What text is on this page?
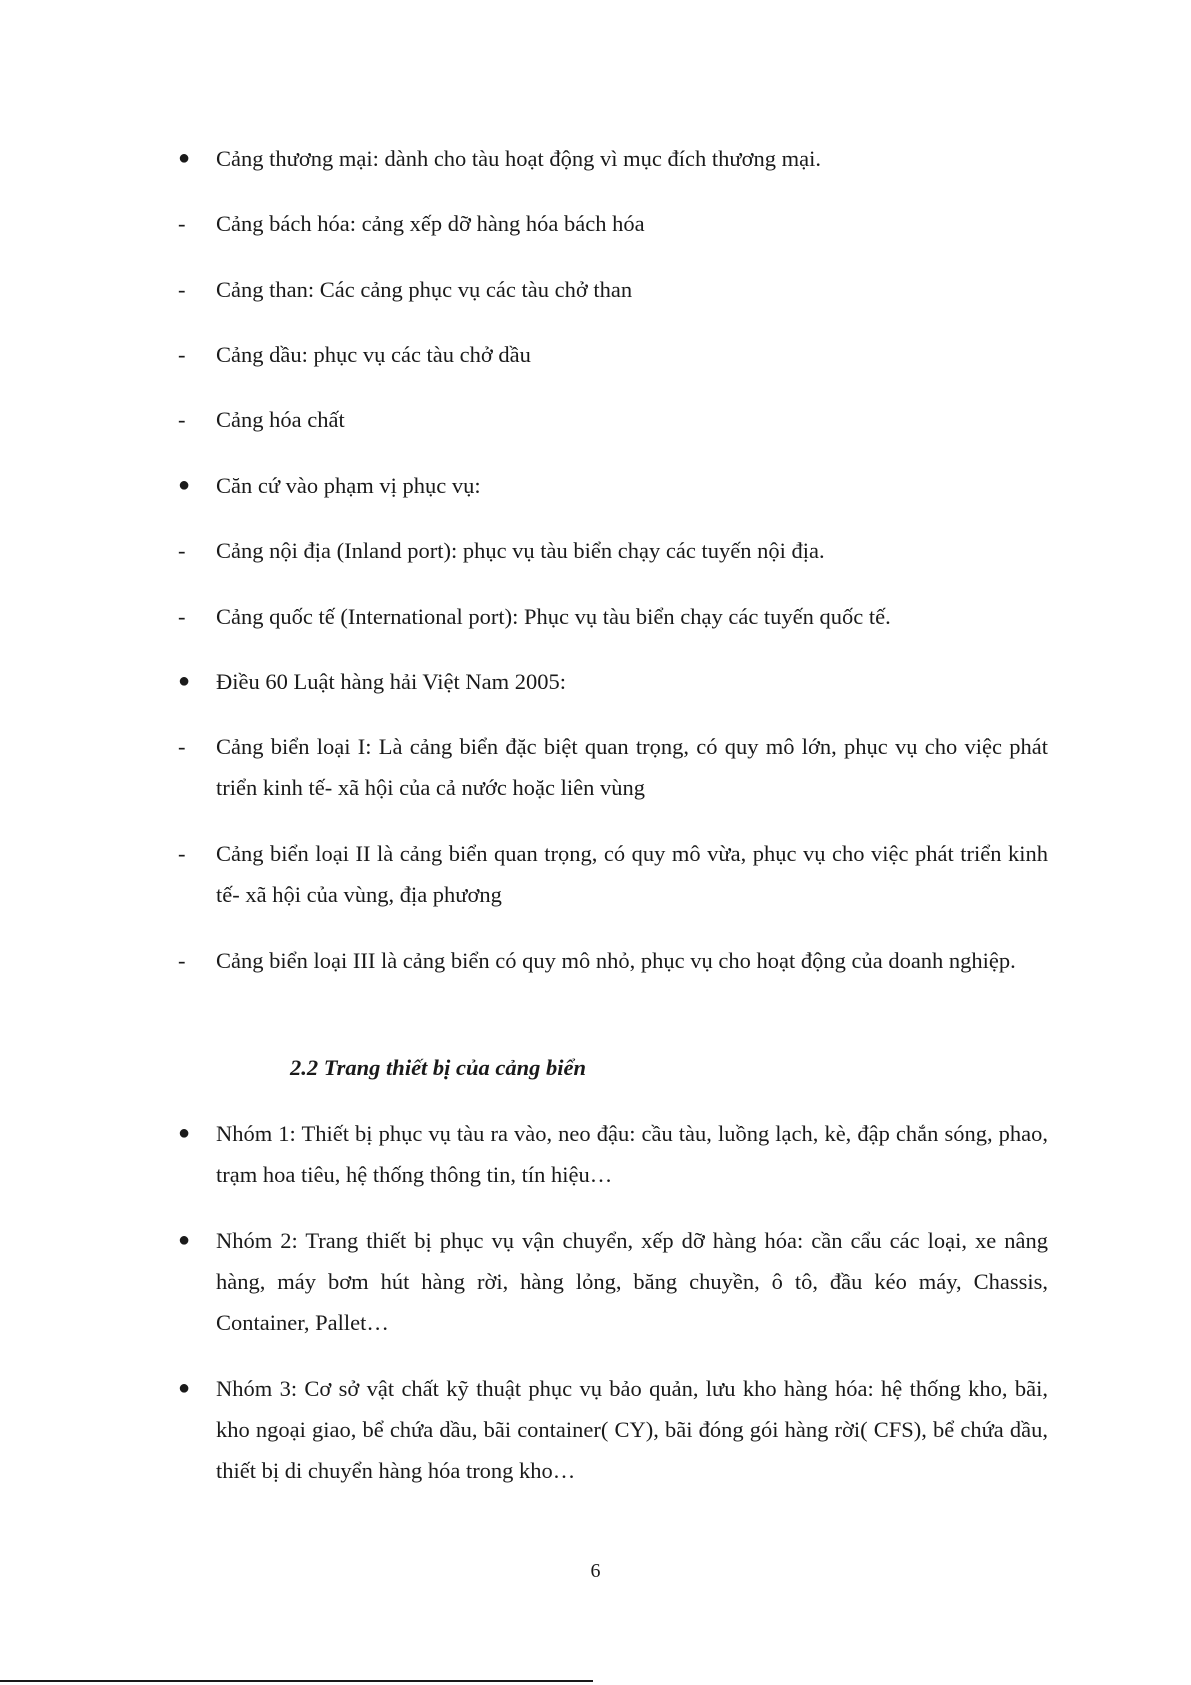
●	Cảng thương mại: dành cho tàu hoạt động vì mục đích thương mại.
-	Cảng bách hóa: cảng xếp dỡ hàng hóa bách hóa
-	Cảng than: Các cảng phục vụ các tàu chở than
-	Cảng dầu: phục vụ các tàu chở dầu
-	Cảng hóa chất
●	Căn cứ vào phạm vị phục vụ:
-	Cảng nội địa (Inland port): phục vụ tàu biển chạy các tuyến nội địa.
-	Cảng quốc tế (International port): Phục vụ tàu biển chạy các tuyến quốc tế.
●	Điều 60 Luật hàng hải Việt Nam 2005:
-	Cảng biển loại I: Là cảng biển đặc biệt quan trọng, có quy mô lớn, phục vụ cho việc phát triển kinh tế- xã hội của cả nước hoặc liên vùng
-	Cảng biển loại II là cảng biển quan trọng, có quy mô vừa, phục vụ cho việc phát triển kinh tế- xã hội của vùng, địa phương
-	Cảng biển loại III là cảng biển có quy mô nhỏ, phục vụ cho hoạt động của doanh nghiệp.
2.2 Trang thiết bị của cảng biển
●	Nhóm 1: Thiết bị phục vụ tàu ra vào, neo đậu: cầu tàu, luồng lạch, kè, đập chắn sóng, phao, trạm hoa tiêu, hệ thống thông tin, tín hiệu…
●	Nhóm 2: Trang thiết bị phục vụ vận chuyển, xếp dỡ hàng hóa: cần cẩu các loại, xe nâng hàng, máy bơm hút hàng rời, hàng lỏng, băng chuyền, ô tô, đầu kéo máy, Chassis, Container, Pallet…
●	Nhóm 3: Cơ sở vật chất kỹ thuật phục vụ bảo quản, lưu kho hàng hóa: hệ thống kho, bãi, kho ngoại giao, bể chứa dầu, bãi container( CY), bãi đóng gói hàng rời( CFS), bể chứa dầu, thiết bị di chuyển hàng hóa trong kho…
6
